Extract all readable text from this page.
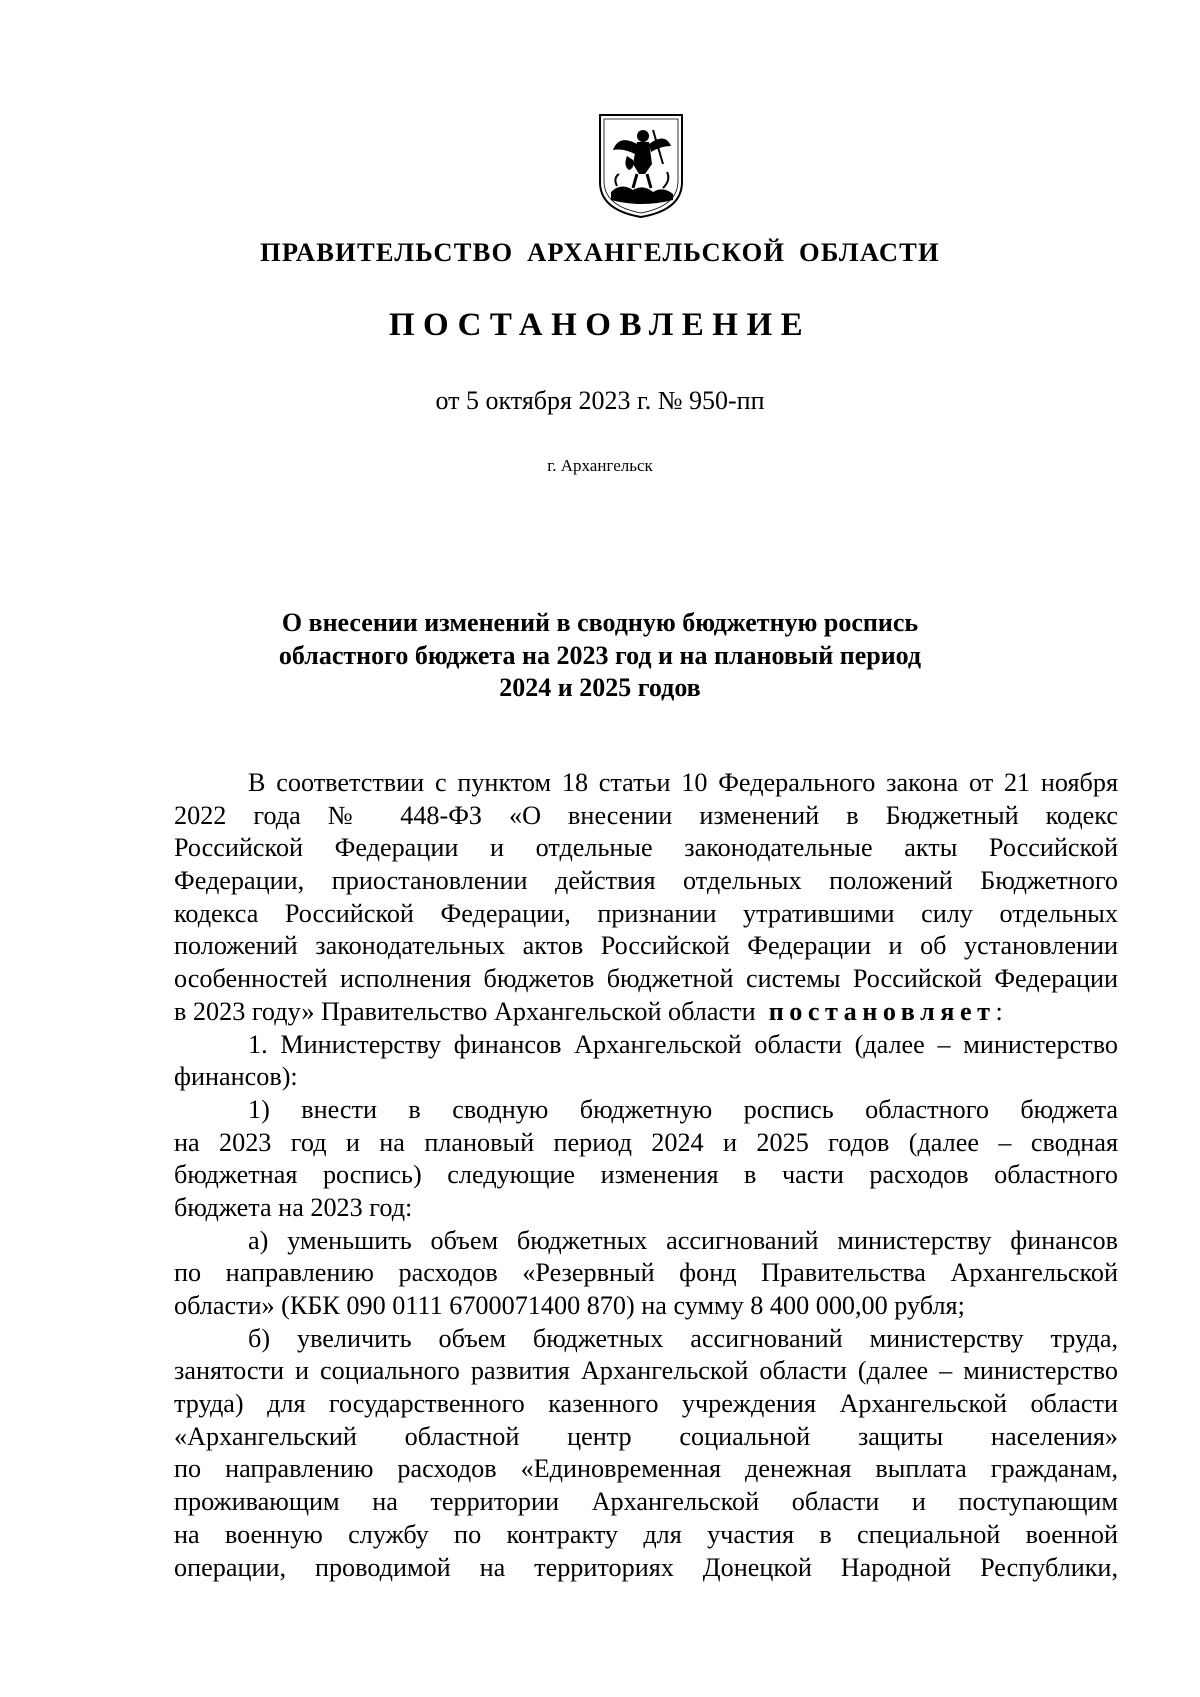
ПРАВИТЕЛЬСТВО АРХАНГЕЛЬСКОЙ ОБЛАСТИ
ПОСТАНОВЛЕНИЕ
от 5 октября 2023 г. № 950-пп
г. Архангельск
О внесении изменений в сводную бюджетную роспись
областного бюджета на 2023 год и на плановый период
2024 и 2025 годов
В соответствии с пунктом 18 статьи 10 Федерального закона от 21 ноября
2022 года № 448-ФЗ «О внесении изменений в Бюджетный кодекс
Российской Федерации и отдельные законодательные акты Российской
Федерации, приостановлении действия отдельных положений Бюджетного
кодекса Российской Федерации, признании утратившими силу отдельных
положений законодательных актов Российской Федерации и об установлении
особенностей исполнения бюджетов бюджетной системы Российской Федерации
в 2023 году» Правительство Архангельской области постановляет:
1. Министерству финансов Архангельской области (далее – министерство
финансов):
1) внести в сводную бюджетную роспись областного бюджета
на 2023 год и на плановый период 2024 и 2025 годов (далее – сводная
бюджетная роспись) следующие изменения в части расходов областного
бюджета на 2023 год:
а) уменьшить объем бюджетных ассигнований министерству финансов
по направлению расходов «Резервный фонд Правительства Архангельской
области» (КБК 090 0111 6700071400 870) на сумму 8 400 000,00 рубля;
б) увеличить объем бюджетных ассигнований министерству труда,
занятости и социального развития Архангельской области (далее – министерство
труда) для государственного казенного учреждения Архангельской области
«Архангельский областной центр социальной защиты населения»
по направлению расходов «Единовременная денежная выплата гражданам,
проживающим на территории Архангельской области и поступающим
на военную службу по контракту для участия в специальной военной
операции, проводимой на территориях Донецкой Народной Республики,
